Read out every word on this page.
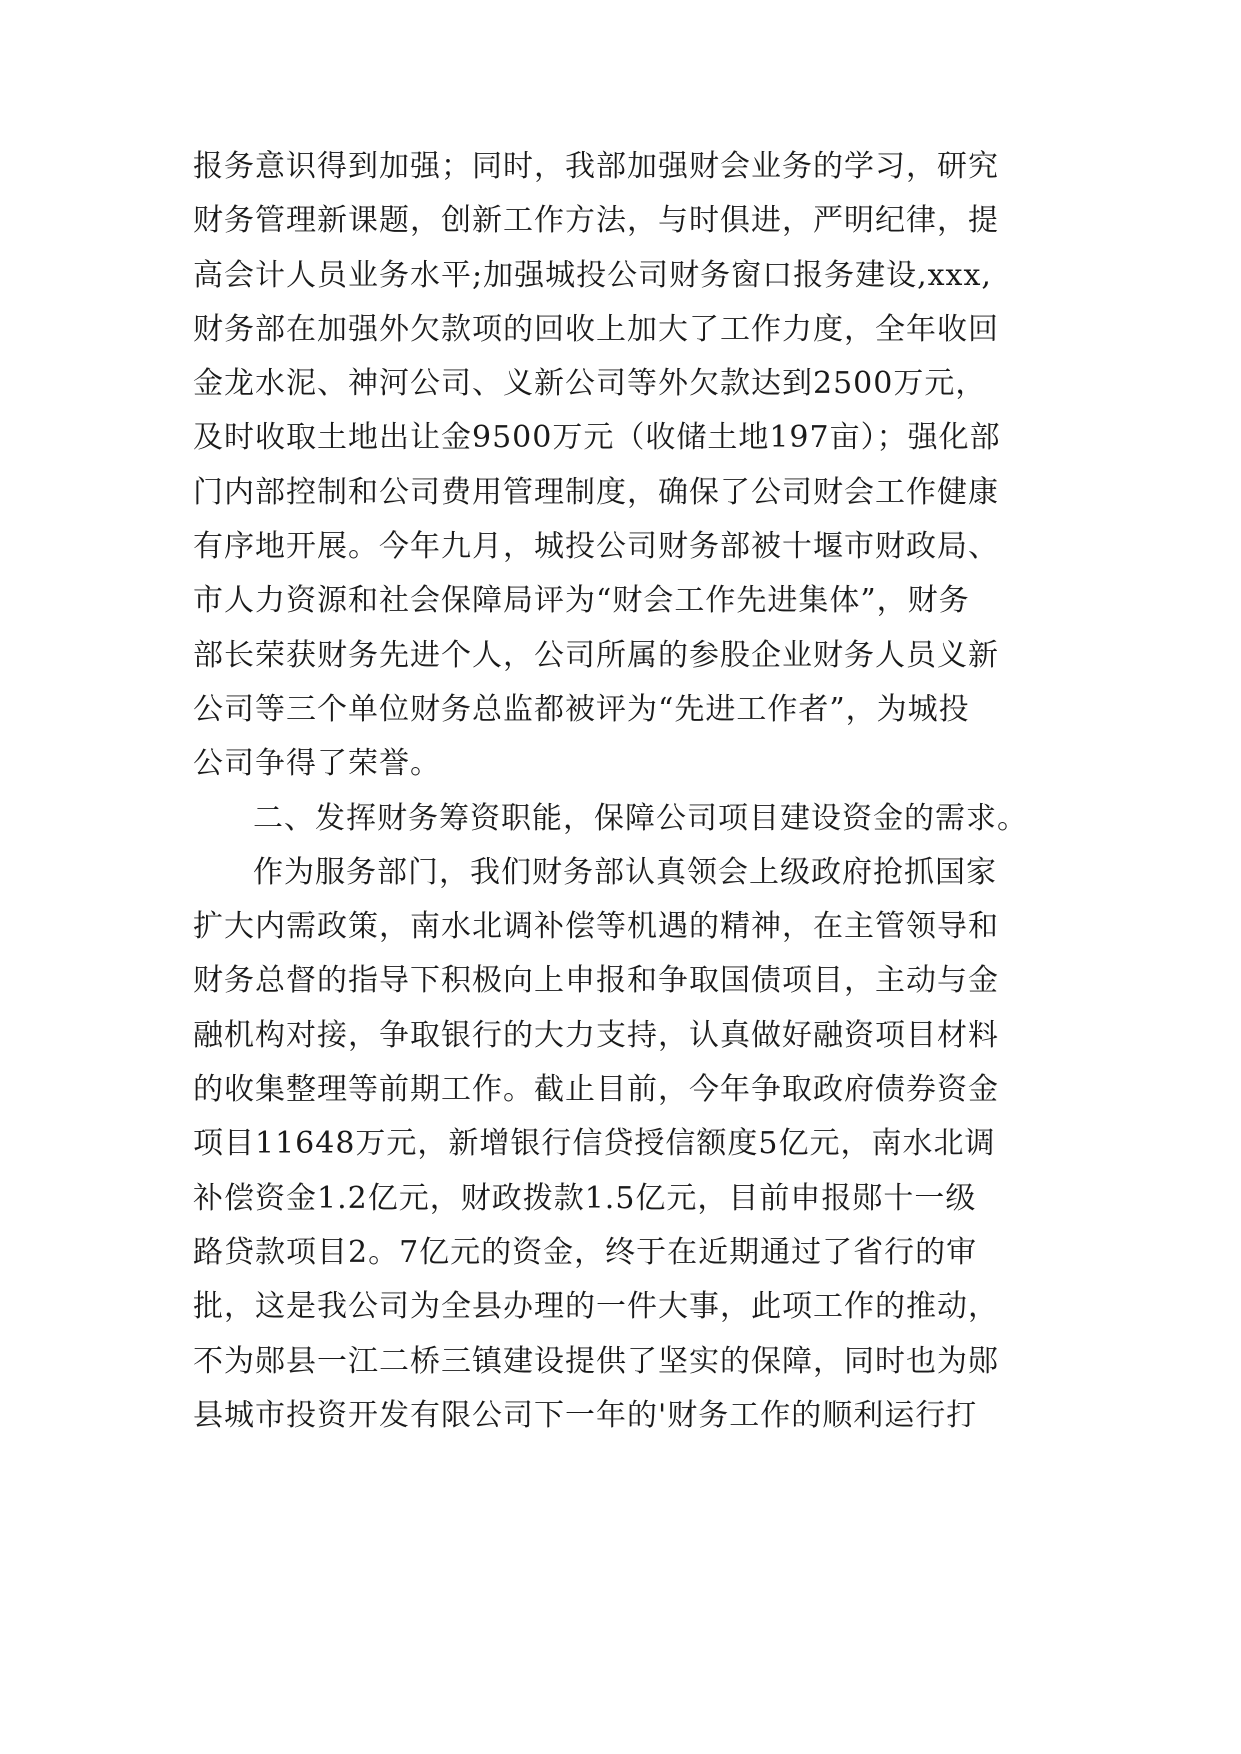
报务意识得到加强；同时，我部加强财会业务的学习，研究
财务管理新课题，创新工作方法，与时俱进，严明纪律，提
高会计人员业务水平;加强城投公司财务窗口报务建设,xxx,
财务部在加强外欠款项的回收上加大了工作力度，全年收回
金龙水泥、神河公司、义新公司等外欠款达到2500万元，
及时收取土地出让金9500万元（收储土地197亩）；强化部
门内部控制和公司费用管理制度，确保了公司财会工作健康
有序地开展。今年九月，城投公司财务部被十堰市财政局、
市人力资源和社会保障局评为“财会工作先进集体”，财务
部长荣获财务先进个人，公司所属的参股企业财务人员义新
公司等三个单位财务总监都被评为“先进工作者”，为城投
公司争得了荣誉。
二、发挥财务筹资职能，保障公司项目建设资金的需求。
作为服务部门，我们财务部认真领会上级政府抢抓国家
扩大内需政策，南水北调补偿等机遇的精神，在主管领导和
财务总督的指导下积极向上申报和争取国债项目，主动与金
融机构对接，争取银行的大力支持，认真做好融资项目材料
的收集整理等前期工作。截止目前，今年争取政府债券资金
项目11648万元，新增银行信贷授信额度5亿元，南水北调
补偿资金1.2亿元，财政拨款1.5亿元，目前申报郧十一级
路贷款项目2。7亿元的资金，终于在近期通过了省行的审
批，这是我公司为全县办理的一件大事，此项工作的推动，
不为郧县一江二桥三镇建设提供了坚实的保障，同时也为郧
县城市投资开发有限公司下一年的'财务工作的顺利运行打
